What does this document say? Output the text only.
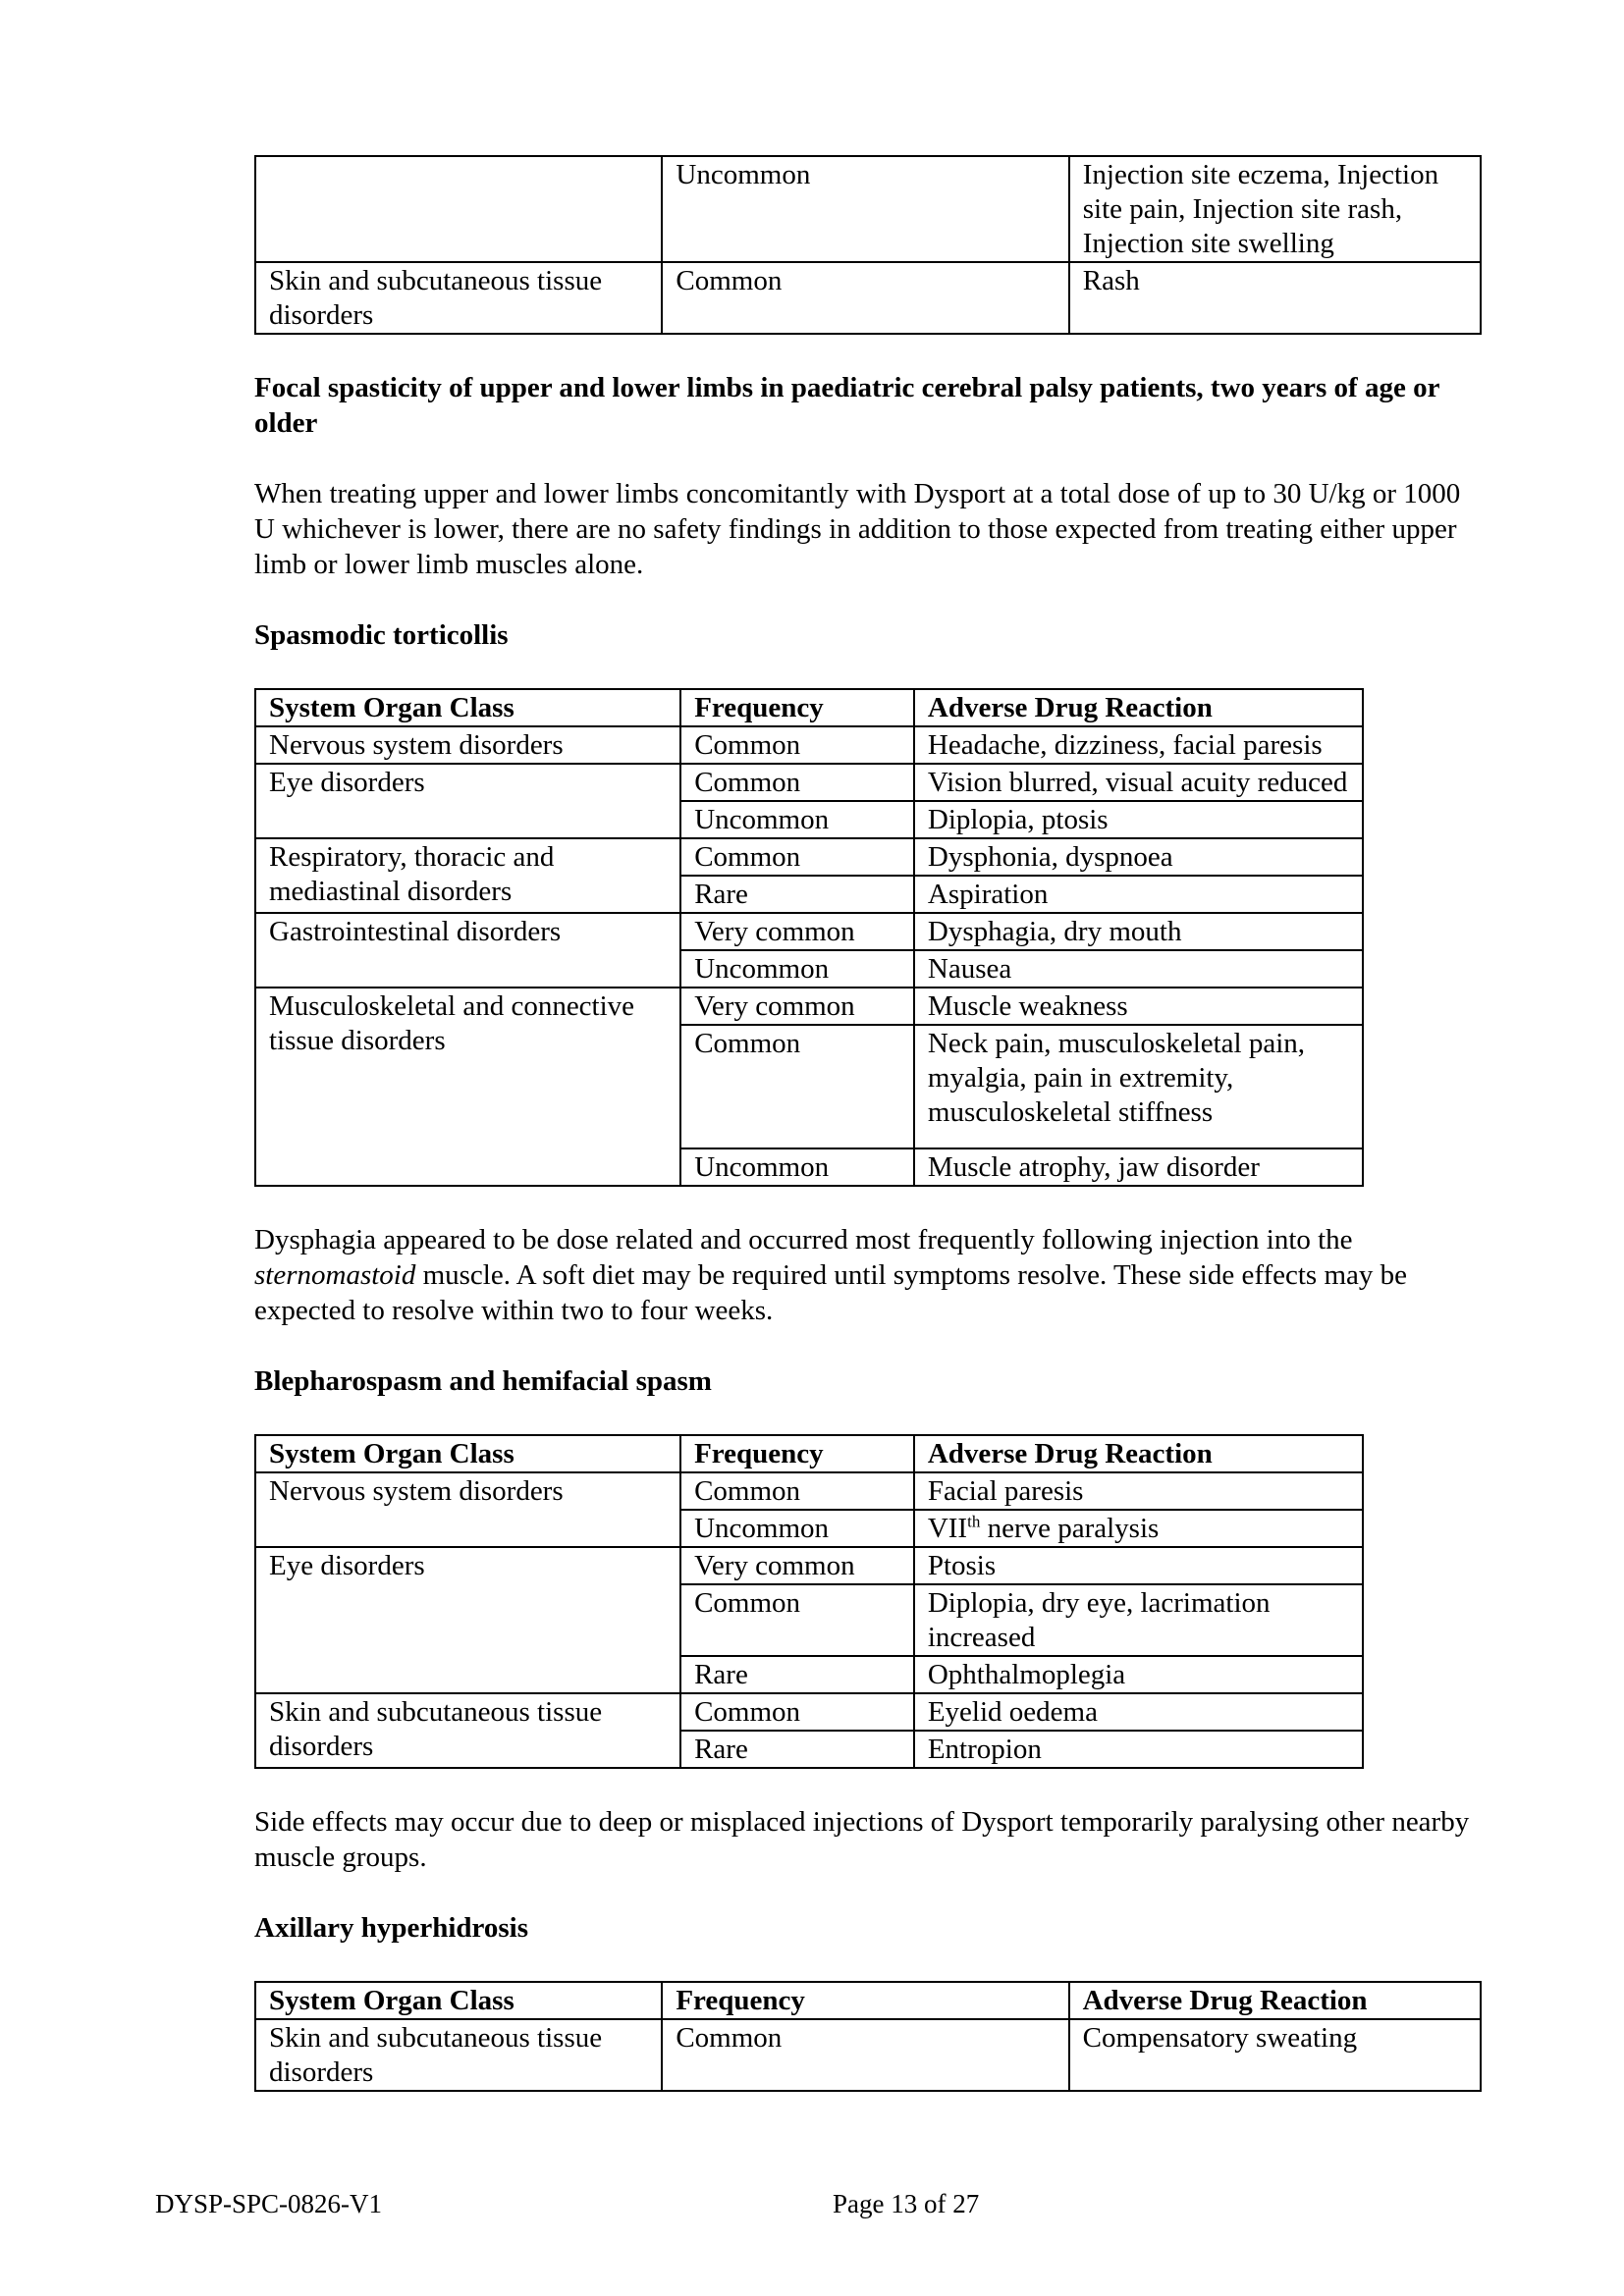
	Uncommon	Injection site eczema, Injection site pain, Injection site rash, Injection site swelling
Skin and subcutaneous tissue disorders	Common	Rash

Focal spasticity of upper and lower limbs in paediatric cerebral palsy patients, two years of age or older

When treating upper and lower limbs concomitantly with Dysport at a total dose of up to 30 U/kg or 1000 U whichever is lower, there are no safety findings in addition to those expected from treating either upper limb or lower limb muscles alone.

Spasmodic torticollis

System Organ Class	Frequency	Adverse Drug Reaction
Nervous system disorders	Common	Headache, dizziness, facial paresis
Eye disorders	Common	Vision blurred, visual acuity reduced
	Uncommon	Diplopia, ptosis
Respiratory, thoracic and mediastinal disorders	Common	Dysphonia, dyspnoea
	Rare	Aspiration
Gastrointestinal disorders	Very common	Dysphagia, dry mouth
	Uncommon	Nausea
Musculoskeletal and connective tissue disorders	Very common	Muscle weakness
	Common	Neck pain, musculoskeletal pain, myalgia, pain in extremity, musculoskeletal stiffness
	Uncommon	Muscle atrophy, jaw disorder

Dysphagia appeared to be dose related and occurred most frequently following injection into the sternomastoid muscle. A soft diet may be required until symptoms resolve. These side effects may be expected to resolve within two to four weeks.

Blepharospasm and hemifacial spasm

System Organ Class	Frequency	Adverse Drug Reaction
Nervous system disorders	Common	Facial paresis
	Uncommon	VIIth nerve paralysis
Eye disorders	Very common	Ptosis
	Common	Diplopia, dry eye, lacrimation increased
	Rare	Ophthalmoplegia
Skin and subcutaneous tissue disorders	Common	Eyelid oedema
	Rare	Entropion

Side effects may occur due to deep or misplaced injections of Dysport temporarily paralysing other nearby muscle groups.

Axillary hyperhidrosis

System Organ Class	Frequency	Adverse Drug Reaction
Skin and subcutaneous tissue disorders	Common	Compensatory sweating
DYSP-SPC-0826-V1	Page 13 of 27
